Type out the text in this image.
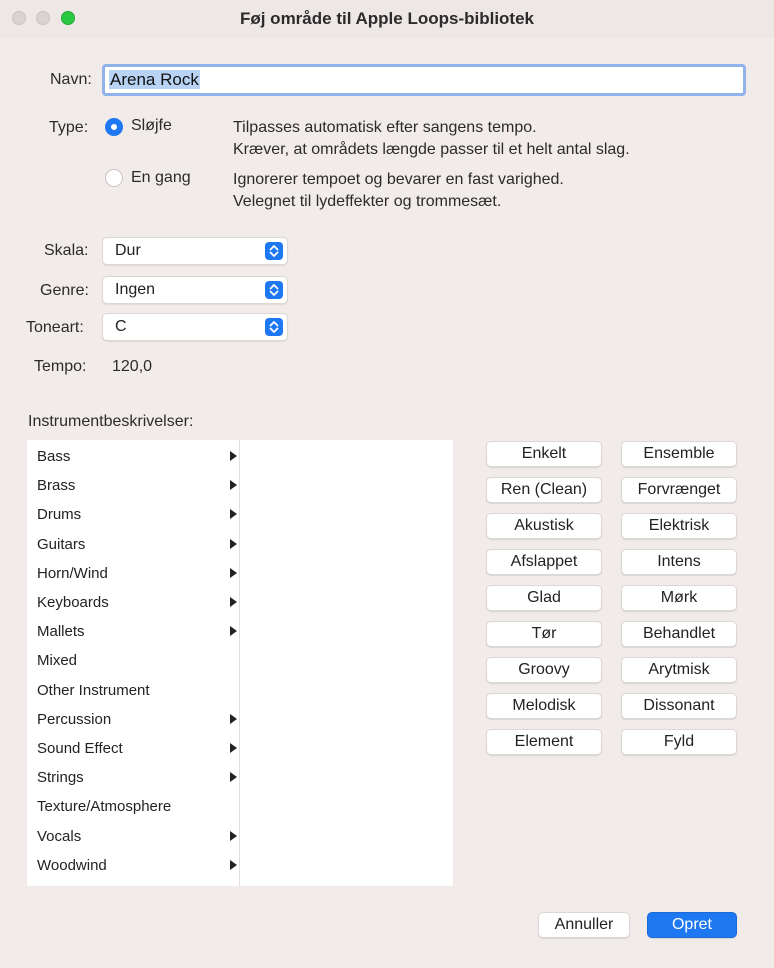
Føj område til Apple Loops-bibliotek
Navn:	Arena Rock
Type:	Sløjfe	Tilpasses automatisk efter sangens tempo.
Kræver, at områdets længde passer til et helt antal slag.
En gang	Ignorerer tempoet og bevarer en fast varighed.
Velegnet til lydeffekter og trommesæt.
Skala: Dur
Genre: Ingen
Toneart: C
Tempo: 120,0
Instrumentbeskrivelser:
Bass
Brass
Drums
Guitars
Horn/Wind
Keyboards
Mallets
Mixed
Other Instrument
Percussion
Sound Effect
Strings
Texture/Atmosphere
Vocals
Woodwind
Enkelt
Ren (Clean)
Akustisk
Afslappet
Glad
Tør
Groovy
Melodisk
Element
Ensemble
Forvrænget
Elektrisk
Intens
Mørk
Behandlet
Arytmisk
Dissonant
Fyld
Annuller	Opret
